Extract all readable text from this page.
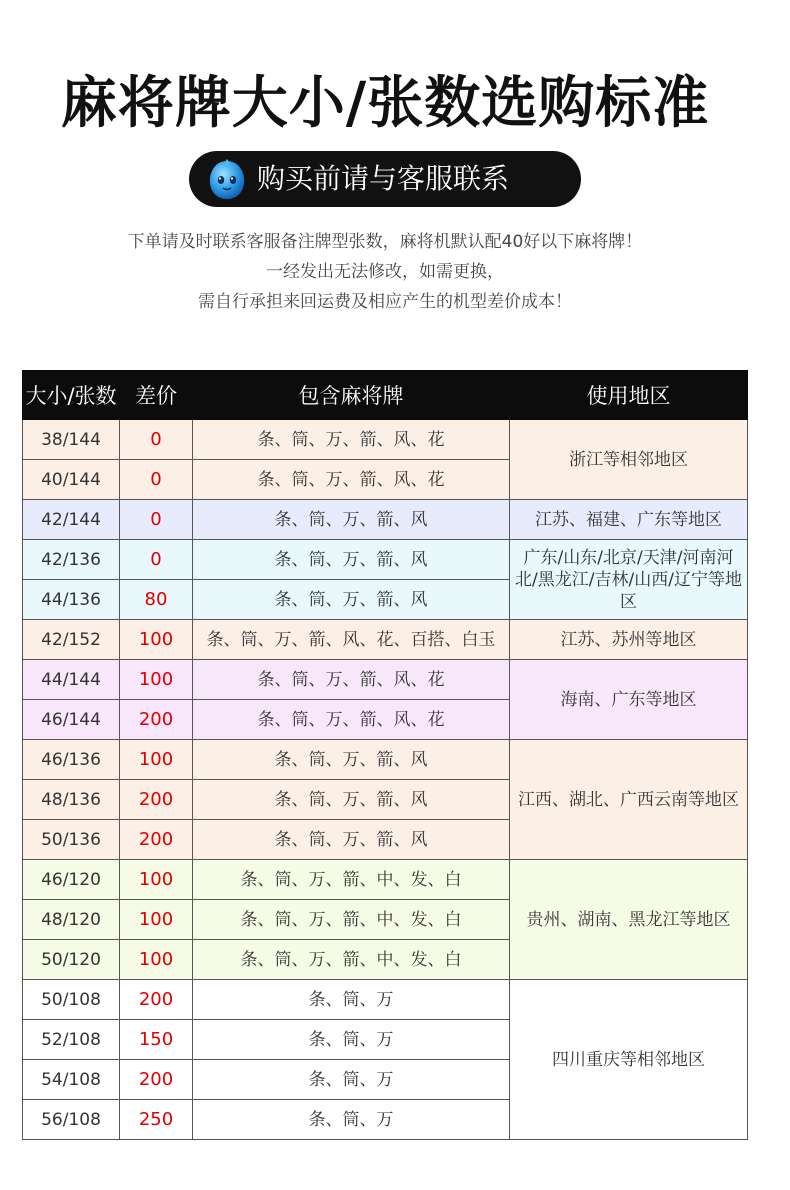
麻将牌大小/张数选购标准
购买前请与客服联系
下单请及时联系客服备注牌型张数，麻将机默认配40好以下麻将牌！
一经发出无法修改，如需更换，
需自行承担来回运费及相应产生的机型差价成本！
大小/张数	差价	包含麻将牌	使用地区
38/144	0	条、筒、万、箭、风、花	浙江等相邻地区
40/144	0	条、筒、万、箭、风、花	
42/144	0	条、筒、万、箭、风	江苏、福建、广东等地区
42/136	0	条、筒、万、箭、风	广东/山东/北京/天津/河南河北/黑龙江/吉林/山西/辽宁等地区
44/136	80	条、筒、万、箭、风	
42/152	100	条、筒、万、箭、风、花、百搭、白玉	江苏、苏州等地区
44/144	100	条、筒、万、箭、风、花	海南、广东等地区
46/144	200	条、筒、万、箭、风、花	
46/136	100	条、筒、万、箭、风	江西、湖北、广西云南等地区
48/136	200	条、筒、万、箭、风	
50/136	200	条、筒、万、箭、风	
46/120	100	条、筒、万、箭、中、发、白	贵州、湖南、黑龙江等地区
48/120	100	条、筒、万、箭、中、发、白	
50/120	100	条、筒、万、箭、中、发、白	
50/108	200	条、筒、万	四川重庆等相邻地区
52/108	150	条、筒、万	
54/108	200	条、筒、万	
56/108	250	条、筒、万	
